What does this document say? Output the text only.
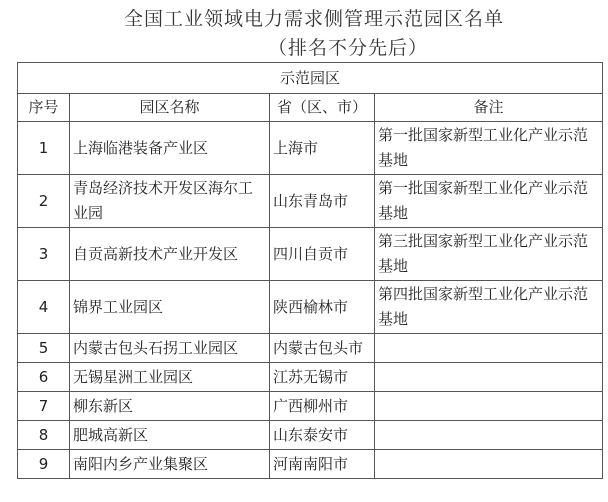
全国工业领域电力需求侧管理示范园区名单
（排名不分先后）
示范园区			
序号	园区名称	省（区、市）	备注
1	上海临港装备产业区	上海市	第一批国家新型工业化产业示范基地
2	青岛经济技术开发区海尔工业园	山东青岛市	第一批国家新型工业化产业示范基地
3	自贡高新技术产业开发区	四川自贡市	第三批国家新型工业化产业示范基地
4	锦界工业园区	陕西榆林市	第四批国家新型工业化产业示范基地
5	内蒙古包头石拐工业园区	内蒙古包头市	
6	无锡星洲工业园区	江苏无锡市	
7	柳东新区	广西柳州市	
8	肥城高新区	山东泰安市	
9	南阳内乡产业集聚区	河南南阳市	
